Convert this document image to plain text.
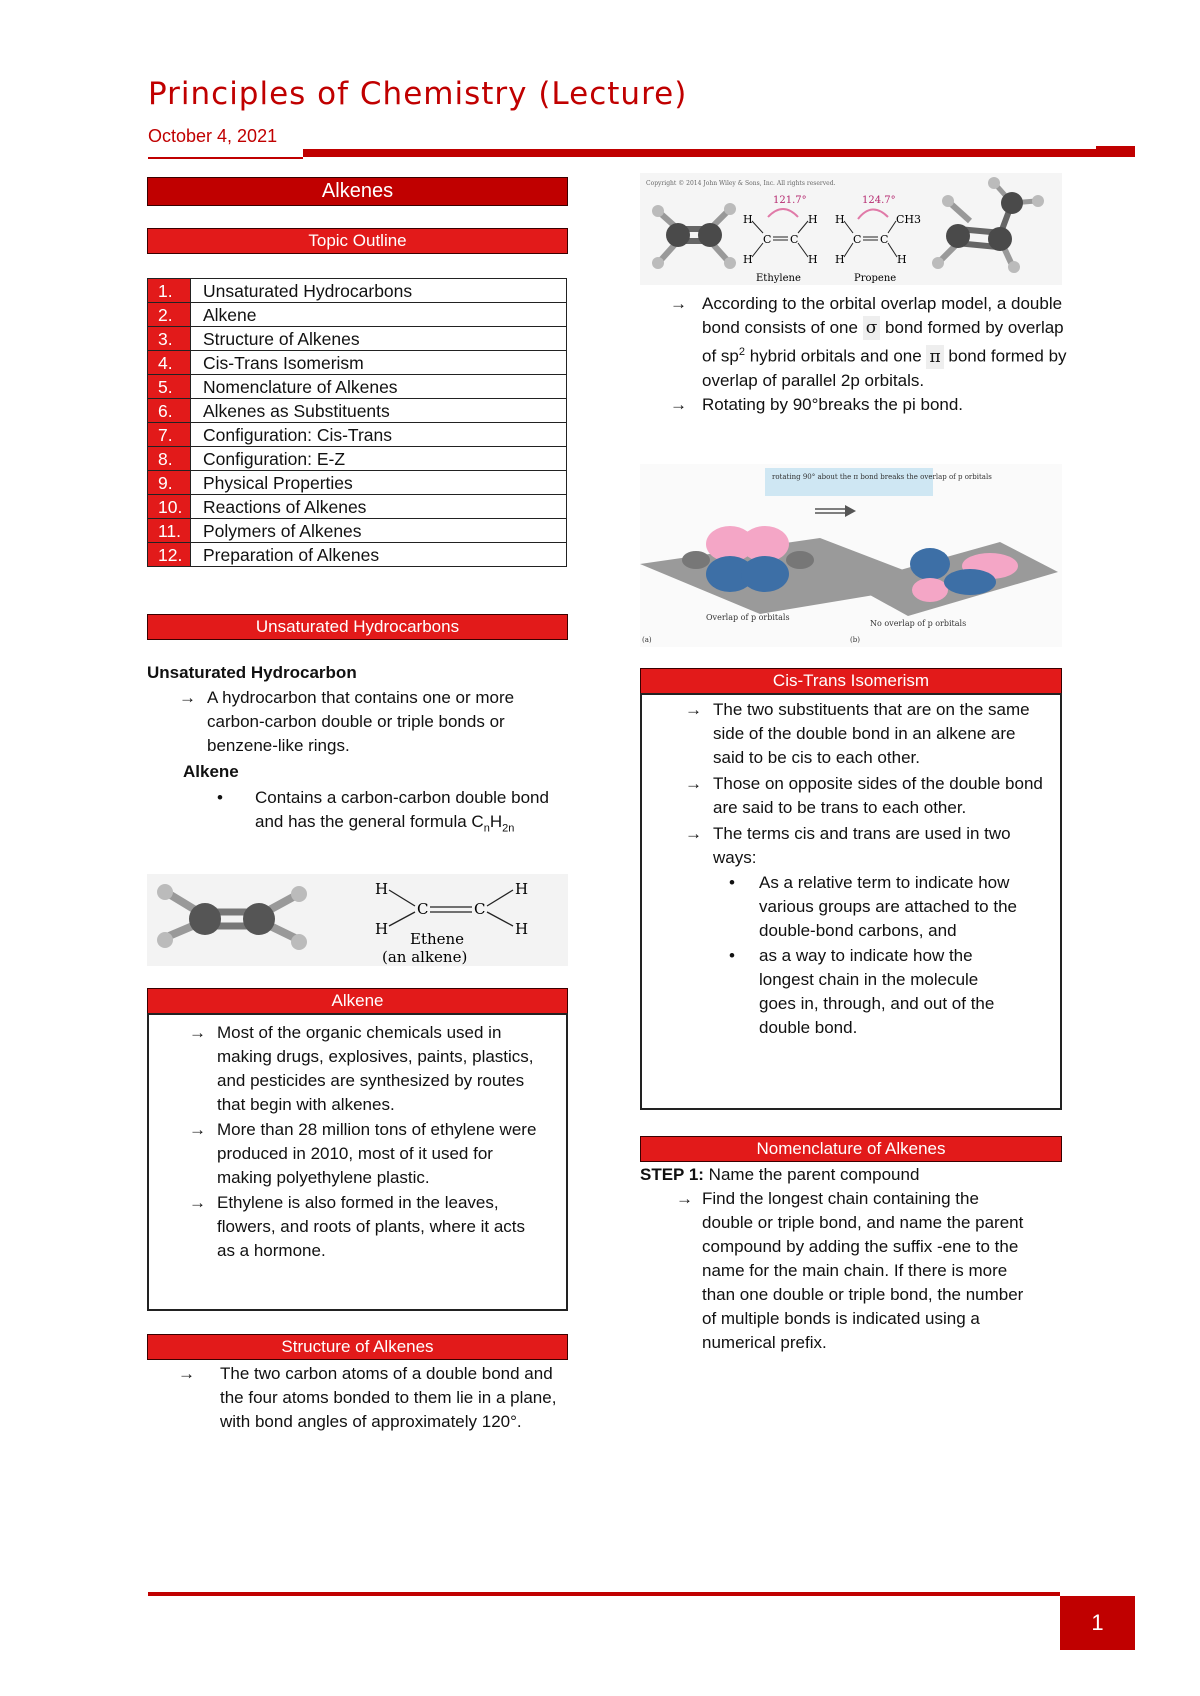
Principles of Chemistry (Lecture)
October 4, 2021
Alkenes
Topic Outline
1.	Unsaturated Hydrocarbons
2.	Alkene
3.	Structure of Alkenes
4.	Cis-Trans Isomerism
5.	Nomenclature of Alkenes
6.	Alkenes as Substituents
7.	Configuration: Cis-Trans
8.	Configuration: E-Z
9.	Physical Properties
10.	Reactions of Alkenes
11.	Polymers of Alkenes
12.	Preparation of Alkenes
Unsaturated Hydrocarbons
Unsaturated Hydrocarbon
→ A hydrocarbon that contains one or more carbon-carbon double or triple bonds or benzene-like rings.
Alkene
• Contains a carbon-carbon double bond and has the general formula $C_nH_{2n}$
H	H
H	H
C	C
Ethene
(an alkene)
Alkene
→ Most of the organic chemicals used in making drugs, explosives, paints, plastics, and pesticides are synthesized by routes that begin with alkenes.
→ More than 28 million tons of ethylene were produced in 2010, most of it used for making polyethylene plastic.
→ Ethylene is also formed in the leaves, flowers, and roots of plants, where it acts as a hormone.
Structure of Alkenes
→ The two carbon atoms of a double bond and the four atoms bonded to them lie in a plane, with bond angles of approximately 120°.
Copyright © 2014 John Wiley & Sons, Inc. All rights reserved.
121.7°
H	H
H	H
C C
Ethylene
124.7°
H	CH3
H	H
C C
Propene
→ According to the orbital overlap model, a double bond consists of one σ bond formed by overlap of $sp^2$ hybrid orbitals and one π bond formed by overlap of parallel 2p orbitals.
→ Rotating by 90°breaks the pi bond.
rotating 90° about the π bond breaks the overlap of p orbitals
Overlap of p orbitals
No overlap of p orbitals
(a)	(b)
Cis-Trans Isomerism
→ The two substituents that are on the same side of the double bond in an alkene are said to be cis to each other.
→ Those on opposite sides of the double bond are said to be trans to each other.
→ The terms cis and trans are used in two ways:
• As a relative term to indicate how various groups are attached to the double-bond carbons, and
• as a way to indicate how the longest chain in the molecule goes in, through, and out of the double bond.
Nomenclature of Alkenes
STEP 1: Name the parent compound
→ Find the longest chain containing the double or triple bond, and name the parent compound by adding the suffix -ene to the name for the main chain. If there is more than one double or triple bond, the number of multiple bonds is indicated using a numerical prefix.
1
